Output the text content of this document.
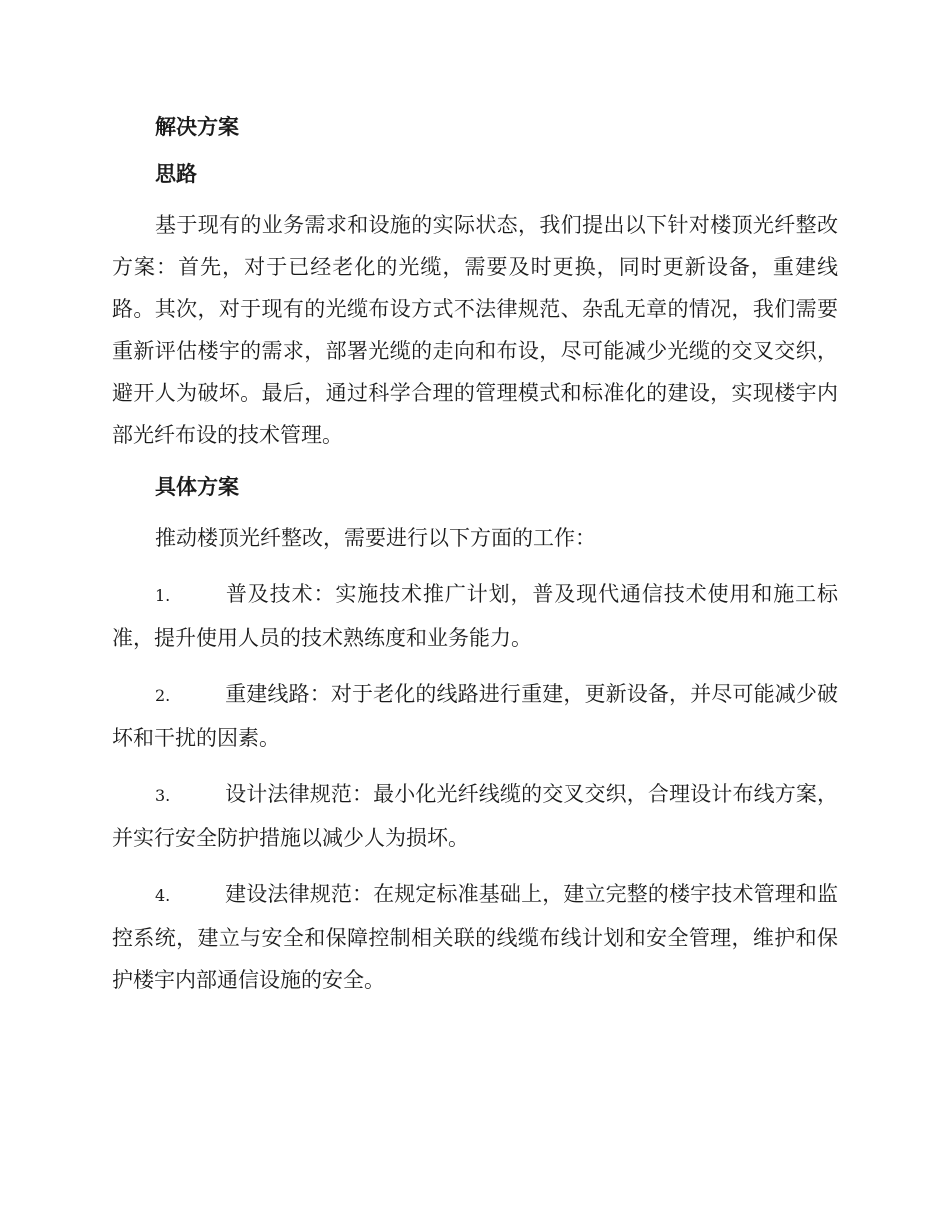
解决方案

思路

基于现有的业务需求和设施的实际状态，我们提出以下针对楼顶光纤整改方案：首先，对于已经老化的光缆，需要及时更换，同时更新设备，重建线路。其次，对于现有的光缆布设方式不法律规范、杂乱无章的情况，我们需要重新评估楼宇的需求，部署光缆的走向和布设，尽可能减少光缆的交叉交织，避开人为破坏。最后，通过科学合理的管理模式和标准化的建设，实现楼宇内部光纤布设的技术管理。

具体方案

推动楼顶光纤整改，需要进行以下方面的工作：

1.	普及技术：实施技术推广计划，普及现代通信技术使用和施工标准，提升使用人员的技术熟练度和业务能力。

2.	重建线路：对于老化的线路进行重建，更新设备，并尽可能减少破坏和干扰的因素。

3.	设计法律规范：最小化光纤线缆的交叉交织，合理设计布线方案，并实行安全防护措施以减少人为损坏。

4.	建设法律规范：在规定标准基础上，建立完整的楼宇技术管理和监控系统，建立与安全和保障控制相关联的线缆布线计划和安全管理，维护和保护楼宇内部通信设施的安全。
